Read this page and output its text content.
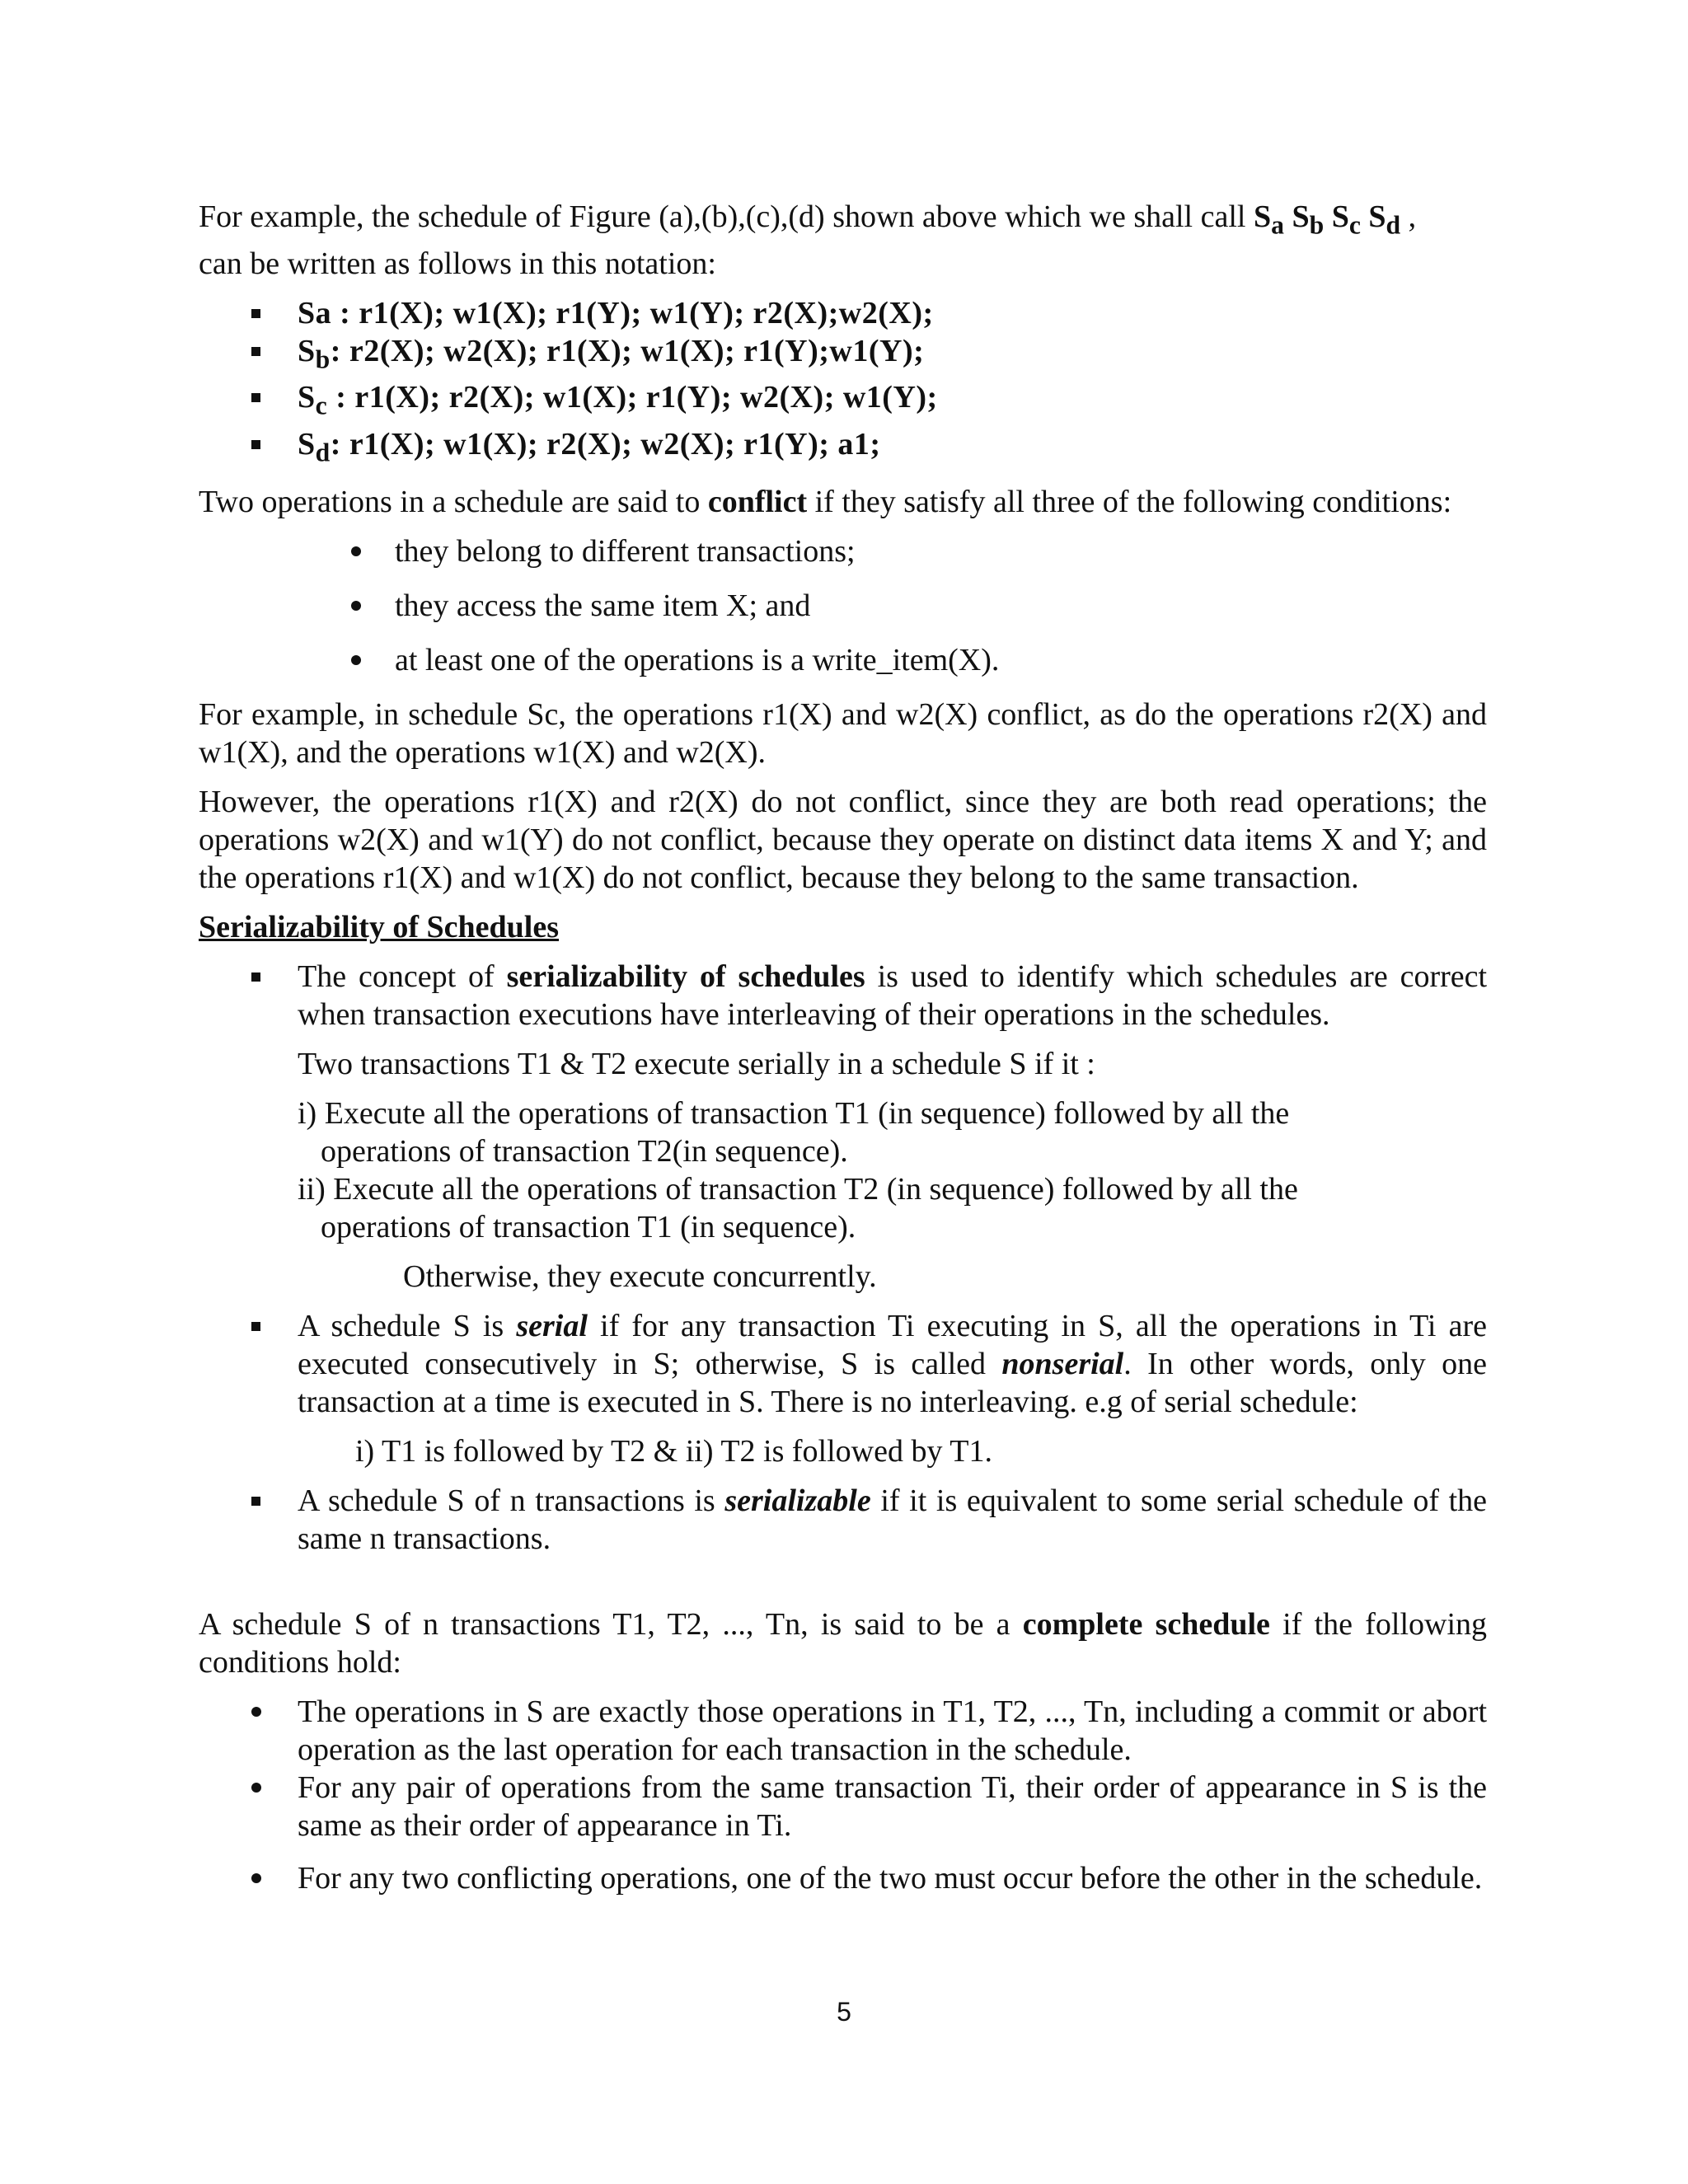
For example, the schedule of Figure (a),(b),(c),(d) shown above which we shall call $S_a$ $S_b$ $S_c$ $S_d$ ,
can be written as follows in this notation:

Sa : r1(X); w1(X); r1(Y); w1(Y); r2(X);w2(X);
$S_b$: r2(X); w2(X); r1(X); w1(X); r1(Y);w1(Y);
$S_c$ : r1(X); r2(X); w1(X); r1(Y); w2(X); w1(Y);
$S_d$: r1(X); w1(X); r2(X); w2(X); r1(Y); a1;

Two operations in a schedule are said to conflict if they satisfy all three of the following conditions:

they belong to different transactions;
they access the same item X; and
at least one of the operations is a write_item(X).

For example, in schedule Sc, the operations r1(X) and w2(X) conflict, as do the operations r2(X) and w1(X), and the operations w1(X) and w2(X).

However, the operations r1(X) and r2(X) do not conflict, since they are both read operations; the operations w2(X) and w1(Y) do not conflict, because they operate on distinct data items X and Y; and the operations r1(X) and w1(X) do not conflict, because they belong to the same transaction.

Serializability of Schedules

The concept of serializability of schedules is used to identify which schedules are correct when transaction executions have interleaving of their operations in the schedules.

Two transactions T1 & T2 execute serially in a schedule S if it :

i) Execute all the operations of transaction T1 (in sequence) followed by all the

operations of transaction T2(in sequence).

ii) Execute all the operations of transaction T2 (in sequence) followed by all the

operations of transaction T1 (in sequence).

Otherwise, they execute concurrently.

A schedule S is serial if for any transaction Ti executing in S, all the operations in Ti are executed consecutively in S; otherwise, S is called nonserial. In other words, only one transaction at a time is executed in S. There is no interleaving. e.g of serial schedule:

i) T1 is followed by T2 & ii) T2 is followed by T1.

A schedule S of n transactions is serializable if it is equivalent to some serial schedule of the same n transactions.

A schedule S of n transactions T1, T2, ..., Tn, is said to be a complete schedule if the following conditions hold:

The operations in S are exactly those operations in T1, T2, ..., Tn, including a commit or abort operation as the last operation for each transaction in the schedule.
For any pair of operations from the same transaction Ti, their order of appearance in S is the same as their order of appearance in Ti.
For any two conflicting operations, one of the two must occur before the other in the schedule.
5
